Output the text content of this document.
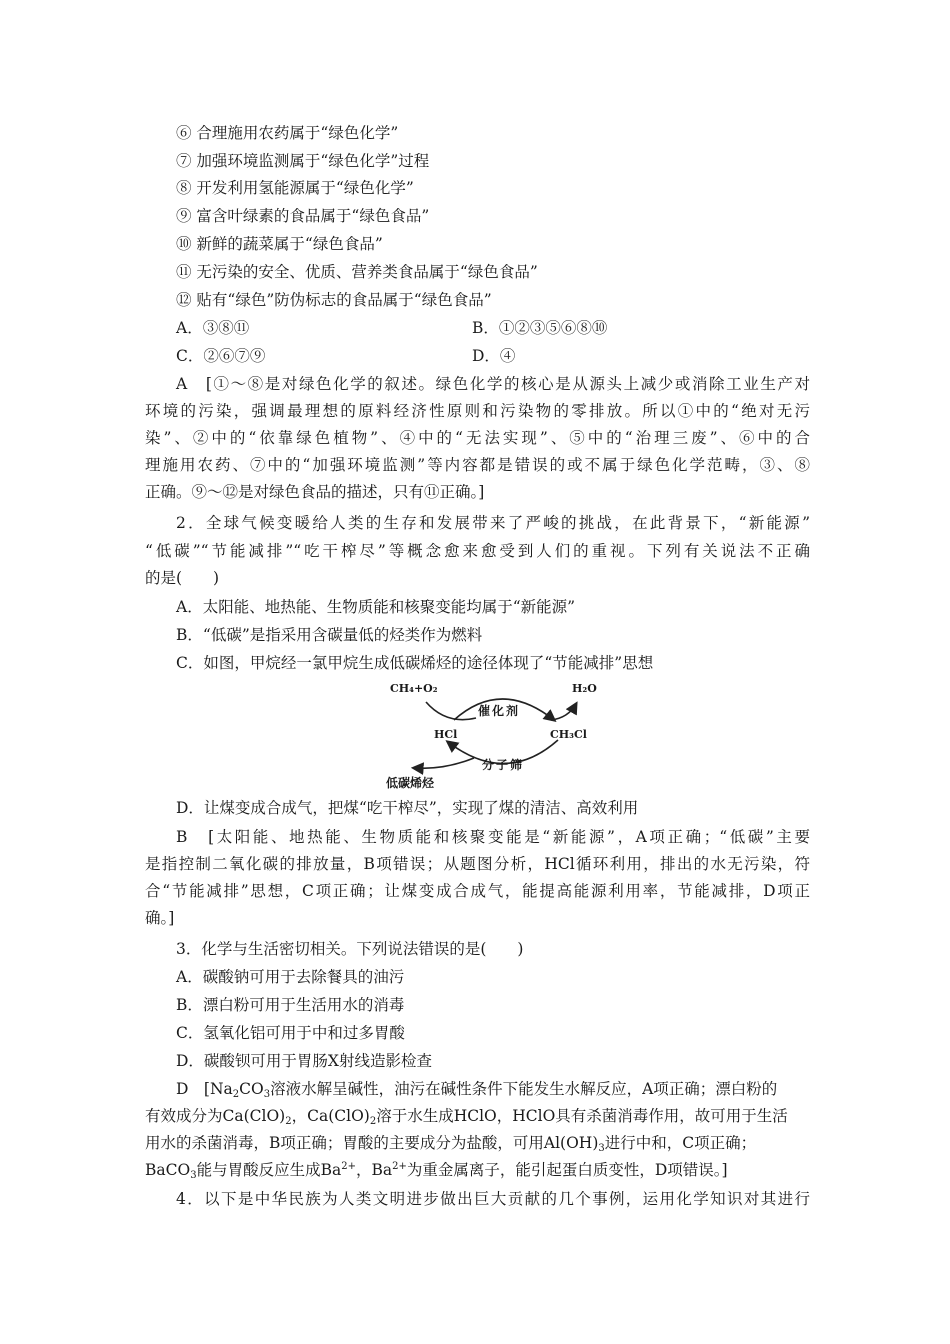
⑥ 合理施用农药属于“绿色化学”
⑦ 加强环境监测属于“绿色化学”过程
⑧ 开发利用氢能源属于“绿色化学”
⑨ 富含叶绿素的食品属于“绿色食品”
⑩ 新鲜的蔬菜属于“绿色食品”
⑪ 无污染的安全、优质、营养类食品属于“绿色食品”
⑫ 贴有“绿色”防伪标志的食品属于“绿色食品”
A．③⑧⑪	B．①②③⑤⑥⑧⑩
C．②⑥⑦⑨	D．④
A　[①～⑧是对绿色化学的叙述。绿色化学的核心是从源头上减少或消除工业生产对
环境的污染，强调最理想的原料经济性原则和污染物的零排放。所以①中的“绝对无污
染”、②中的“依靠绿色植物”、④中的“无法实现”、⑤中的“治理三废”、⑥中的合
理施用农药、⑦中的“加强环境监测”等内容都是错误的或不属于绿色化学范畴，③、⑧
正确。⑨～⑫是对绿色食品的描述，只有⑪正确。]
2．全球气候变暖给人类的生存和发展带来了严峻的挑战，在此背景下，“新能源”
“低碳”“节能减排”“吃干榨尽”等概念愈来愈受到人们的重视。下列有关说法不正确
的是(　　)
A．太阳能、地热能、生物质能和核聚变能均属于“新能源”
B．“低碳”是指采用含碳量低的烃类作为燃料
C．如图，甲烷经一氯甲烷生成低碳烯烃的途径体现了“节能减排”思想
CH₄+O₂	H₂O
HCl	CH₃Cl
催化剂
分子筛
低碳烯烃
D．让煤变成合成气，把煤“吃干榨尽”，实现了煤的清洁、高效利用
B　[太阳能、地热能、生物质能和核聚变能是“新能源”，A项正确；“低碳”主要
是指控制二氧化碳的排放量，B项错误；从题图分析，HCl循环利用，排出的水无污染，符
合“节能减排”思想，C项正确；让煤变成合成气，能提高能源利用率，节能减排，D项正
确。]
3．化学与生活密切相关。下列说法错误的是(　　)
A．碳酸钠可用于去除餐具的油污
B．漂白粉可用于生活用水的消毒
C．氢氧化铝可用于中和过多胃酸
D．碳酸钡可用于胃肠X射线造影检查
D　[$Na_2CO_3$溶液水解呈碱性，油污在碱性条件下能发生水解反应，A项正确；漂白粉的
有效成分为$Ca(ClO)_2$，$Ca(ClO)_2$溶于水生成HClO，HClO具有杀菌消毒作用，故可用于生活
用水的杀菌消毒，B项正确；胃酸的主要成分为盐酸，可用$Al(OH)_3$进行中和，C项正确；
BaCO$_3$能与胃酸反应生成$Ba^{2+}$，$Ba^{2+}$为重金属离子，能引起蛋白质变性，D项错误。]
4．以下是中华民族为人类文明进步做出巨大贡献的几个事例，运用化学知识对其进行
